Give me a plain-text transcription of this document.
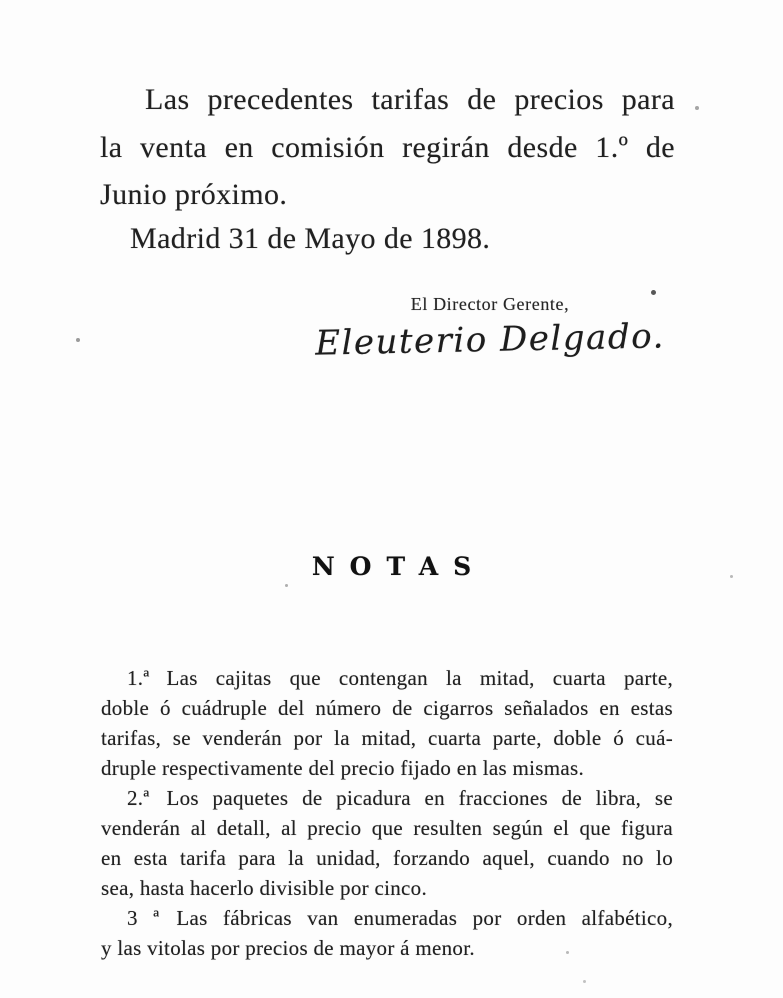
Las precedentes tarifas de precios para
la venta en comisión regirán desde 1.º de
Junio próximo.
Madrid 31 de Mayo de 1898.
El Director Gerente,
Eleuterio Delgado.
NOTAS

1.ª Las cajitas que contengan la mitad, cuarta parte,
doble ó cuádruple del número de cigarros señalados en estas
tarifas, se venderán por la mitad, cuarta parte, doble ó cuá-
druple respectivamente del precio fijado en las mismas.

2.ª Los paquetes de picadura en fracciones de libra, se
venderán al detall, al precio que resulten según el que figura
en esta tarifa para la unidad, forzando aquel, cuando no lo
sea, hasta hacerlo divisible por cinco.

3 ª Las fábricas van enumeradas por orden alfabético,
y las vitolas por precios de mayor á menor.
